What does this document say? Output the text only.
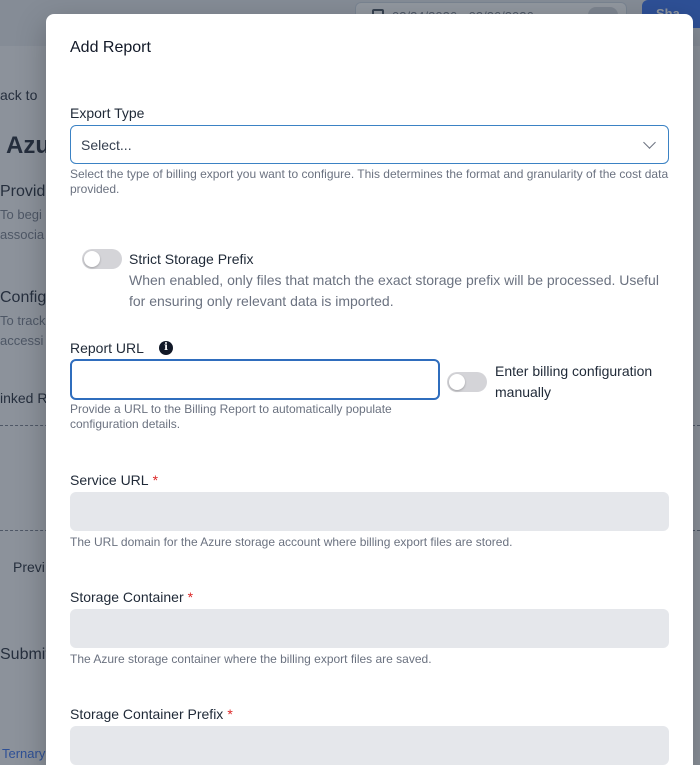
Add Report
Export Type
Select...
Select the type of billing export you want to configure. This determines the format and granularity of the cost data provided.
Strict Storage Prefix
When enabled, only files that match the exact storage prefix will be processed. Useful for ensuring only relevant data is imported.
Report URL	i
Enter billing configuration manually
Provide a URL to the Billing Report to automatically populate configuration details.
Service URL *
The URL domain for the Azure storage account where billing export files are stored.
Storage Container *
The Azure storage container where the billing export files are saved.
Storage Container Prefix *
